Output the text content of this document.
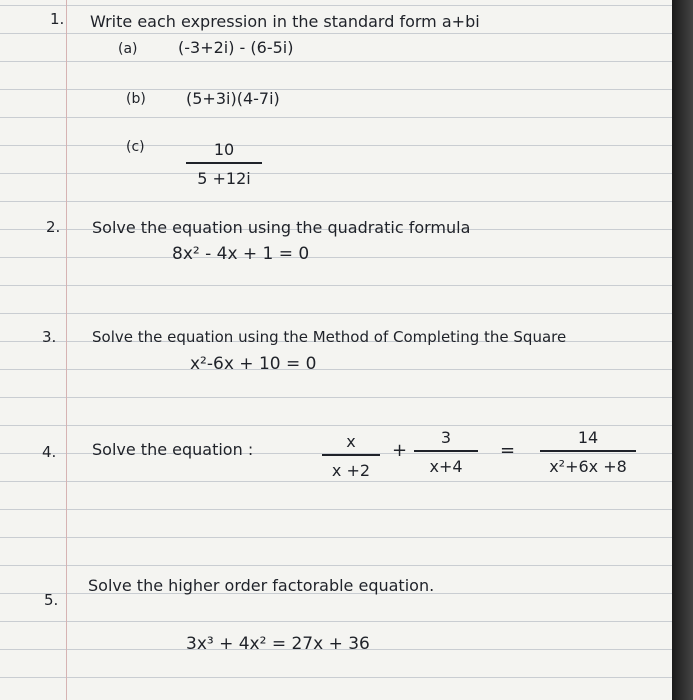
1. Write each expression in the standard form a+bi
(a)	(-3+2i) - (6-5i)
(b)	(5+3i)(4-7i)
(c)	10
5 +12i
2. Solve the equation using the quadratic formula
8x² - 4x + 1 = 0
3. Solve the equation using the Method of Completing the Square
x²-6x + 10 = 0
4. Solve the equation :	x
x +2
+
3
x+4
=
14
x²+6x +8
5.
Solve the higher order factorable equation.
3x³ + 4x² = 27x + 36
